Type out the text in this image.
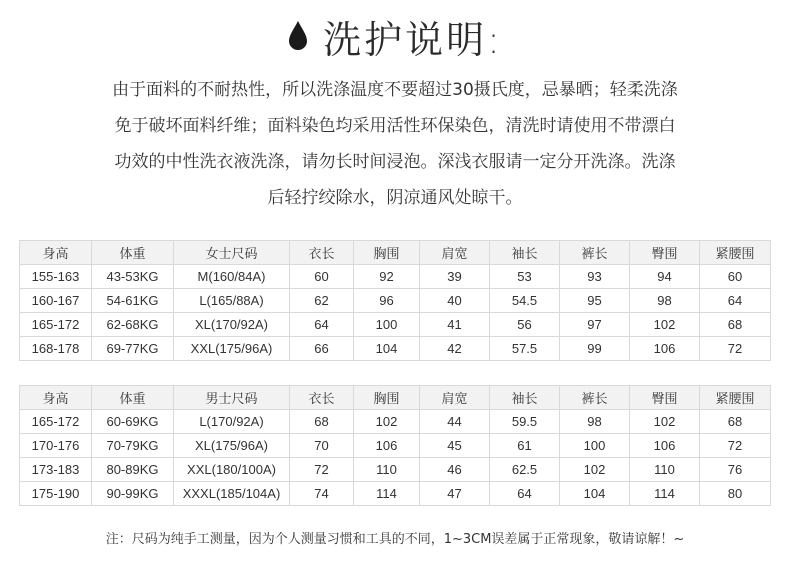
洗护说明:
由于面料的不耐热性，所以洗涤温度不要超过30摄氏度，忌暴晒；轻柔洗涤
免于破坏面料纤维；面料染色均采用活性环保染色，清洗时请使用不带漂白
功效的中性洗衣液洗涤，请勿长时间浸泡。深浅衣服请一定分开洗涤。洗涤
后轻拧绞除水，阴凉通风处晾干。
身高	体重	女士尺码	衣长	胸围	肩宽	袖长	裤长	臀围	紧腰围
155-163	43-53KG	M(160/84A)	60	92	39	53	93	94	60
160-167	54-61KG	L(165/88A)	62	96	40	54.5	95	98	64
165-172	62-68KG	XL(170/92A)	64	100	41	56	97	102	68
168-178	69-77KG	XXL(175/96A)	66	104	42	57.5	99	106	72
身高	体重	男士尺码	衣长	胸围	肩宽	袖长	裤长	臀围	紧腰围
165-172	60-69KG	L(170/92A)	68	102	44	59.5	98	102	68
170-176	70-79KG	XL(175/96A)	70	106	45	61	100	106	72
173-183	80-89KG	XXL(180/100A)	72	110	46	62.5	102	110	76
175-190	90-99KG	XXXL(185/104A)	74	114	47	64	104	114	80
注：尺码为纯手工测量，因为个人测量习惯和工具的不同，1~3CM误差属于正常现象，敬请谅解！~
